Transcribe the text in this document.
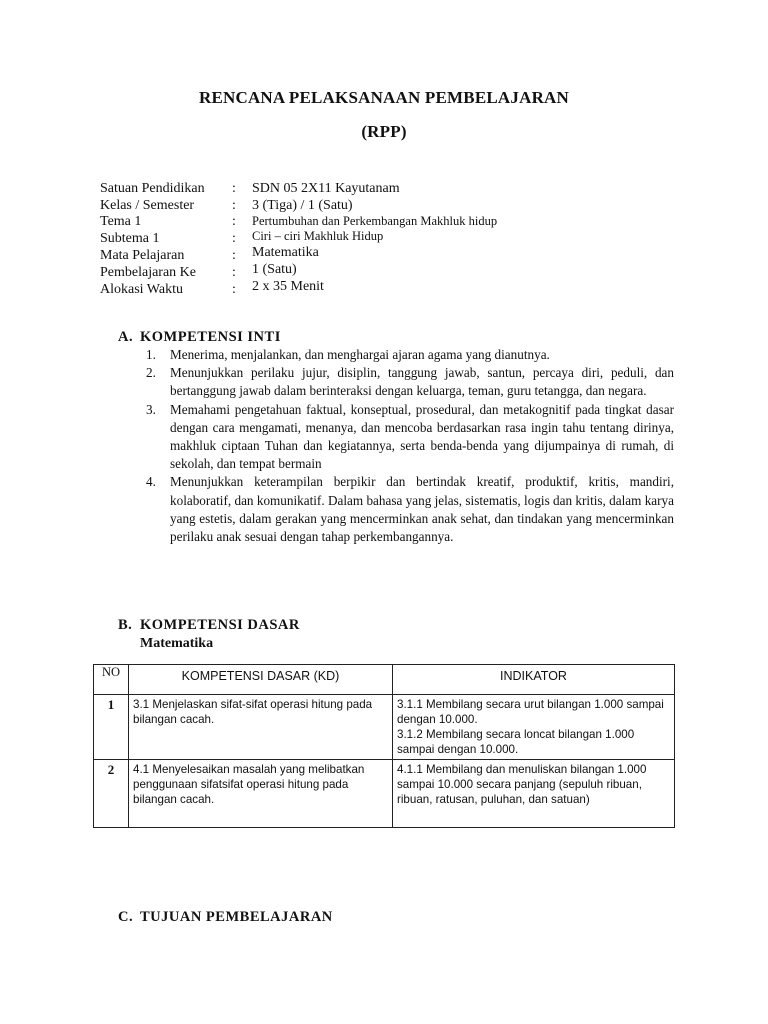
RENCANA PELAKSANAAN PEMBELAJARAN
(RPP)
Satuan Pendidikan : SDN 05 2X11 Kayutanam
Kelas / Semester	: 3 (Tiga) / 1 (Satu)
Tema 1	: Pertumbuhan dan Perkembangan Makhluk hidup
Subtema 1	: Ciri – ciri Makhluk Hidup
Mata Pelajaran	: Matematika
Pembelajaran Ke	: 1 (Satu)
Alokasi Waktu	: 2 x 35 Menit
A. KOMPETENSI INTI
1.	Menerima, menjalankan, dan menghargai ajaran agama yang dianutnya.
2.	Menunjukkan perilaku jujur, disiplin, tanggung jawab, santun, percaya diri, peduli, dan bertanggung jawab dalam berinteraksi dengan keluarga, teman, guru tetangga, dan negara.
3.	Memahami pengetahuan faktual, konseptual, prosedural, dan metakognitif pada tingkat dasar dengan cara mengamati, menanya, dan mencoba berdasarkan rasa ingin tahu tentang dirinya, makhluk ciptaan Tuhan dan kegiatannya, serta benda-benda yang dijumpainya di rumah, di sekolah, dan tempat bermain
4.	Menunjukkan keterampilan berpikir dan bertindak kreatif, produktif, kritis, mandiri, kolaboratif, dan komunikatif. Dalam bahasa yang jelas, sistematis, logis dan kritis, dalam karya yang estetis, dalam gerakan yang mencerminkan anak sehat, dan tindakan yang mencerminkan perilaku anak sesuai dengan tahap perkembangannya.
B. KOMPETENSI DASAR
Matematika
NO	KOMPETENSI DASAR (KD)	INDIKATOR
1	3.1 Menjelaskan sifat-sifat operasi hitung pada bilangan cacah.	3.1.1 Membilang secara urut bilangan 1.000 sampai dengan 10.000.
3.1.2 Membilang secara loncat bilangan 1.000 sampai dengan 10.000.

2	4.1 Menyelesaikan masalah yang melibatkan penggunaan sifatsifat operasi hitung pada bilangan cacah.	4.1.1 Membilang dan menuliskan bilangan 1.000 sampai 10.000 secara panjang (sepuluh ribuan, ribuan, ratusan, puluhan, dan satuan)
C. TUJUAN PEMBELAJARAN
